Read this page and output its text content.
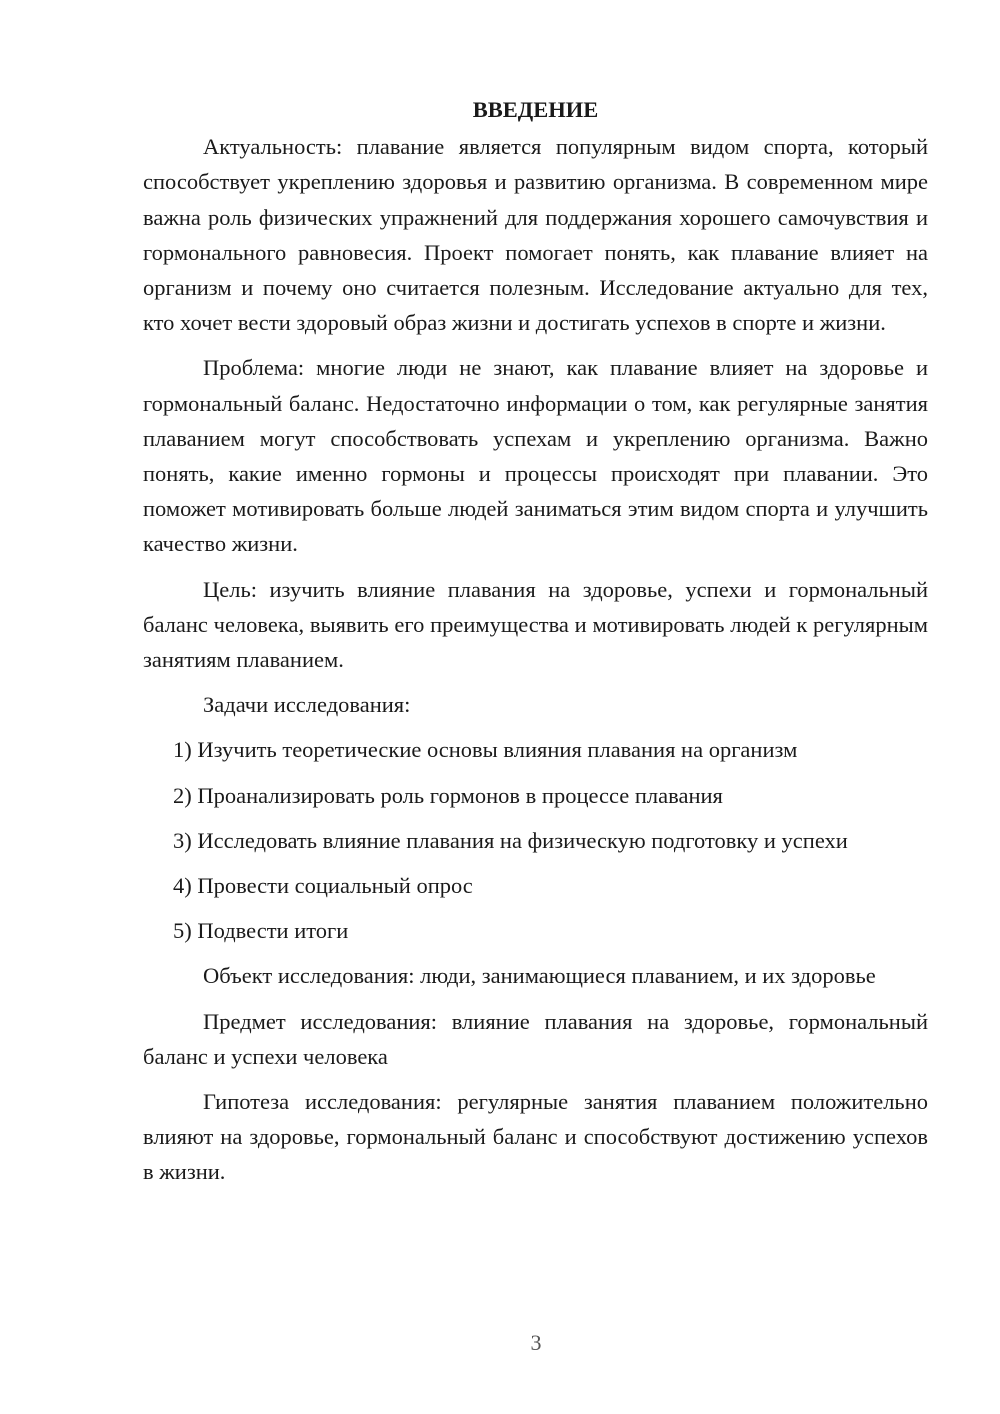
ВВЕДЕНИЕ

Актуальность: плавание является популярным видом спорта, который способствует укреплению здоровья и развитию организма. В современном мире важна роль физических упражнений для поддержания хорошего самочувствия и гормонального равновесия. Проект помогает понять, как плавание влияет на организм и почему оно считается полезным. Исследование актуально для тех, кто хочет вести здоровый образ жизни и достигать успехов в спорте и жизни.

Проблема: многие люди не знают, как плавание влияет на здоровье и гормональный баланс. Недостаточно информации о том, как регулярные занятия плаванием могут способствовать успехам и укреплению организма. Важно понять, какие именно гормоны и процессы происходят при плавании. Это поможет мотивировать больше людей заниматься этим видом спорта и улучшить качество жизни.

Цель: изучить влияние плавания на здоровье, успехи и гормональный баланс человека, выявить его преимущества и мотивировать людей к регулярным занятиям плаванием.

Задачи исследования:

1) Изучить теоретические основы влияния плавания на организм
2) Проанализировать роль гормонов в процессе плавания
3) Исследовать влияние плавания на физическую подготовку и успехи
4) Провести социальный опрос
5) Подвести итоги

Объект исследования: люди, занимающиеся плаванием, и их здоровье

Предмет исследования: влияние плавания на здоровье, гормональный баланс и успехи человека

Гипотеза исследования: регулярные занятия плаванием положительно влияют на здоровье, гормональный баланс и способствуют достижению успехов в жизни.

3
